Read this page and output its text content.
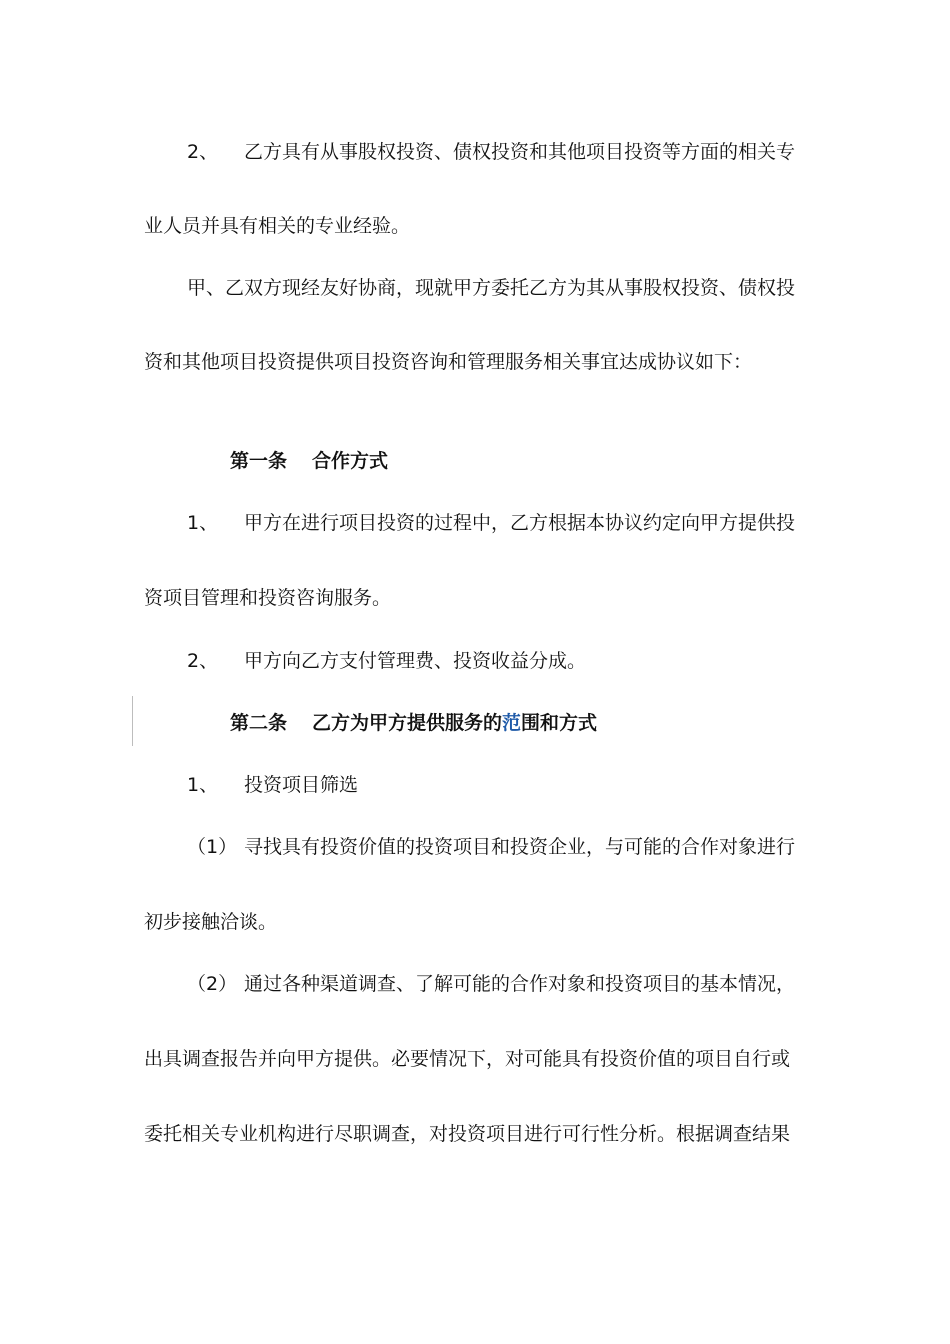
2、 乙方具有从事股权投资、债权投资和其他项目投资等方面的相关专

业人员并具有相关的专业经验。

甲、乙双方现经友好协商，现就甲方委托乙方为其从事股权投资、债权投

资和其他项目投资提供项目投资咨询和管理服务相关事宜达成协议如下：

第一条 合作方式
1、 甲方在进行项目投资的过程中，乙方根据本协议约定向甲方提供投

资项目管理和投资咨询服务。

2、 甲方向乙方支付管理费、投资收益分成。

第二条 乙方为甲方提供服务的范围和方式
1、 投资项目筛选

（1） 寻找具有投资价值的投资项目和投资企业，与可能的合作对象进行

初步接触洽谈。

（2） 通过各种渠道调查、了解可能的合作对象和投资项目的基本情况，

出具调查报告并向甲方提供。必要情况下，对可能具有投资价值的项目自行或

委托相关专业机构进行尽职调查，对投资项目进行可行性分析。根据调查结果
